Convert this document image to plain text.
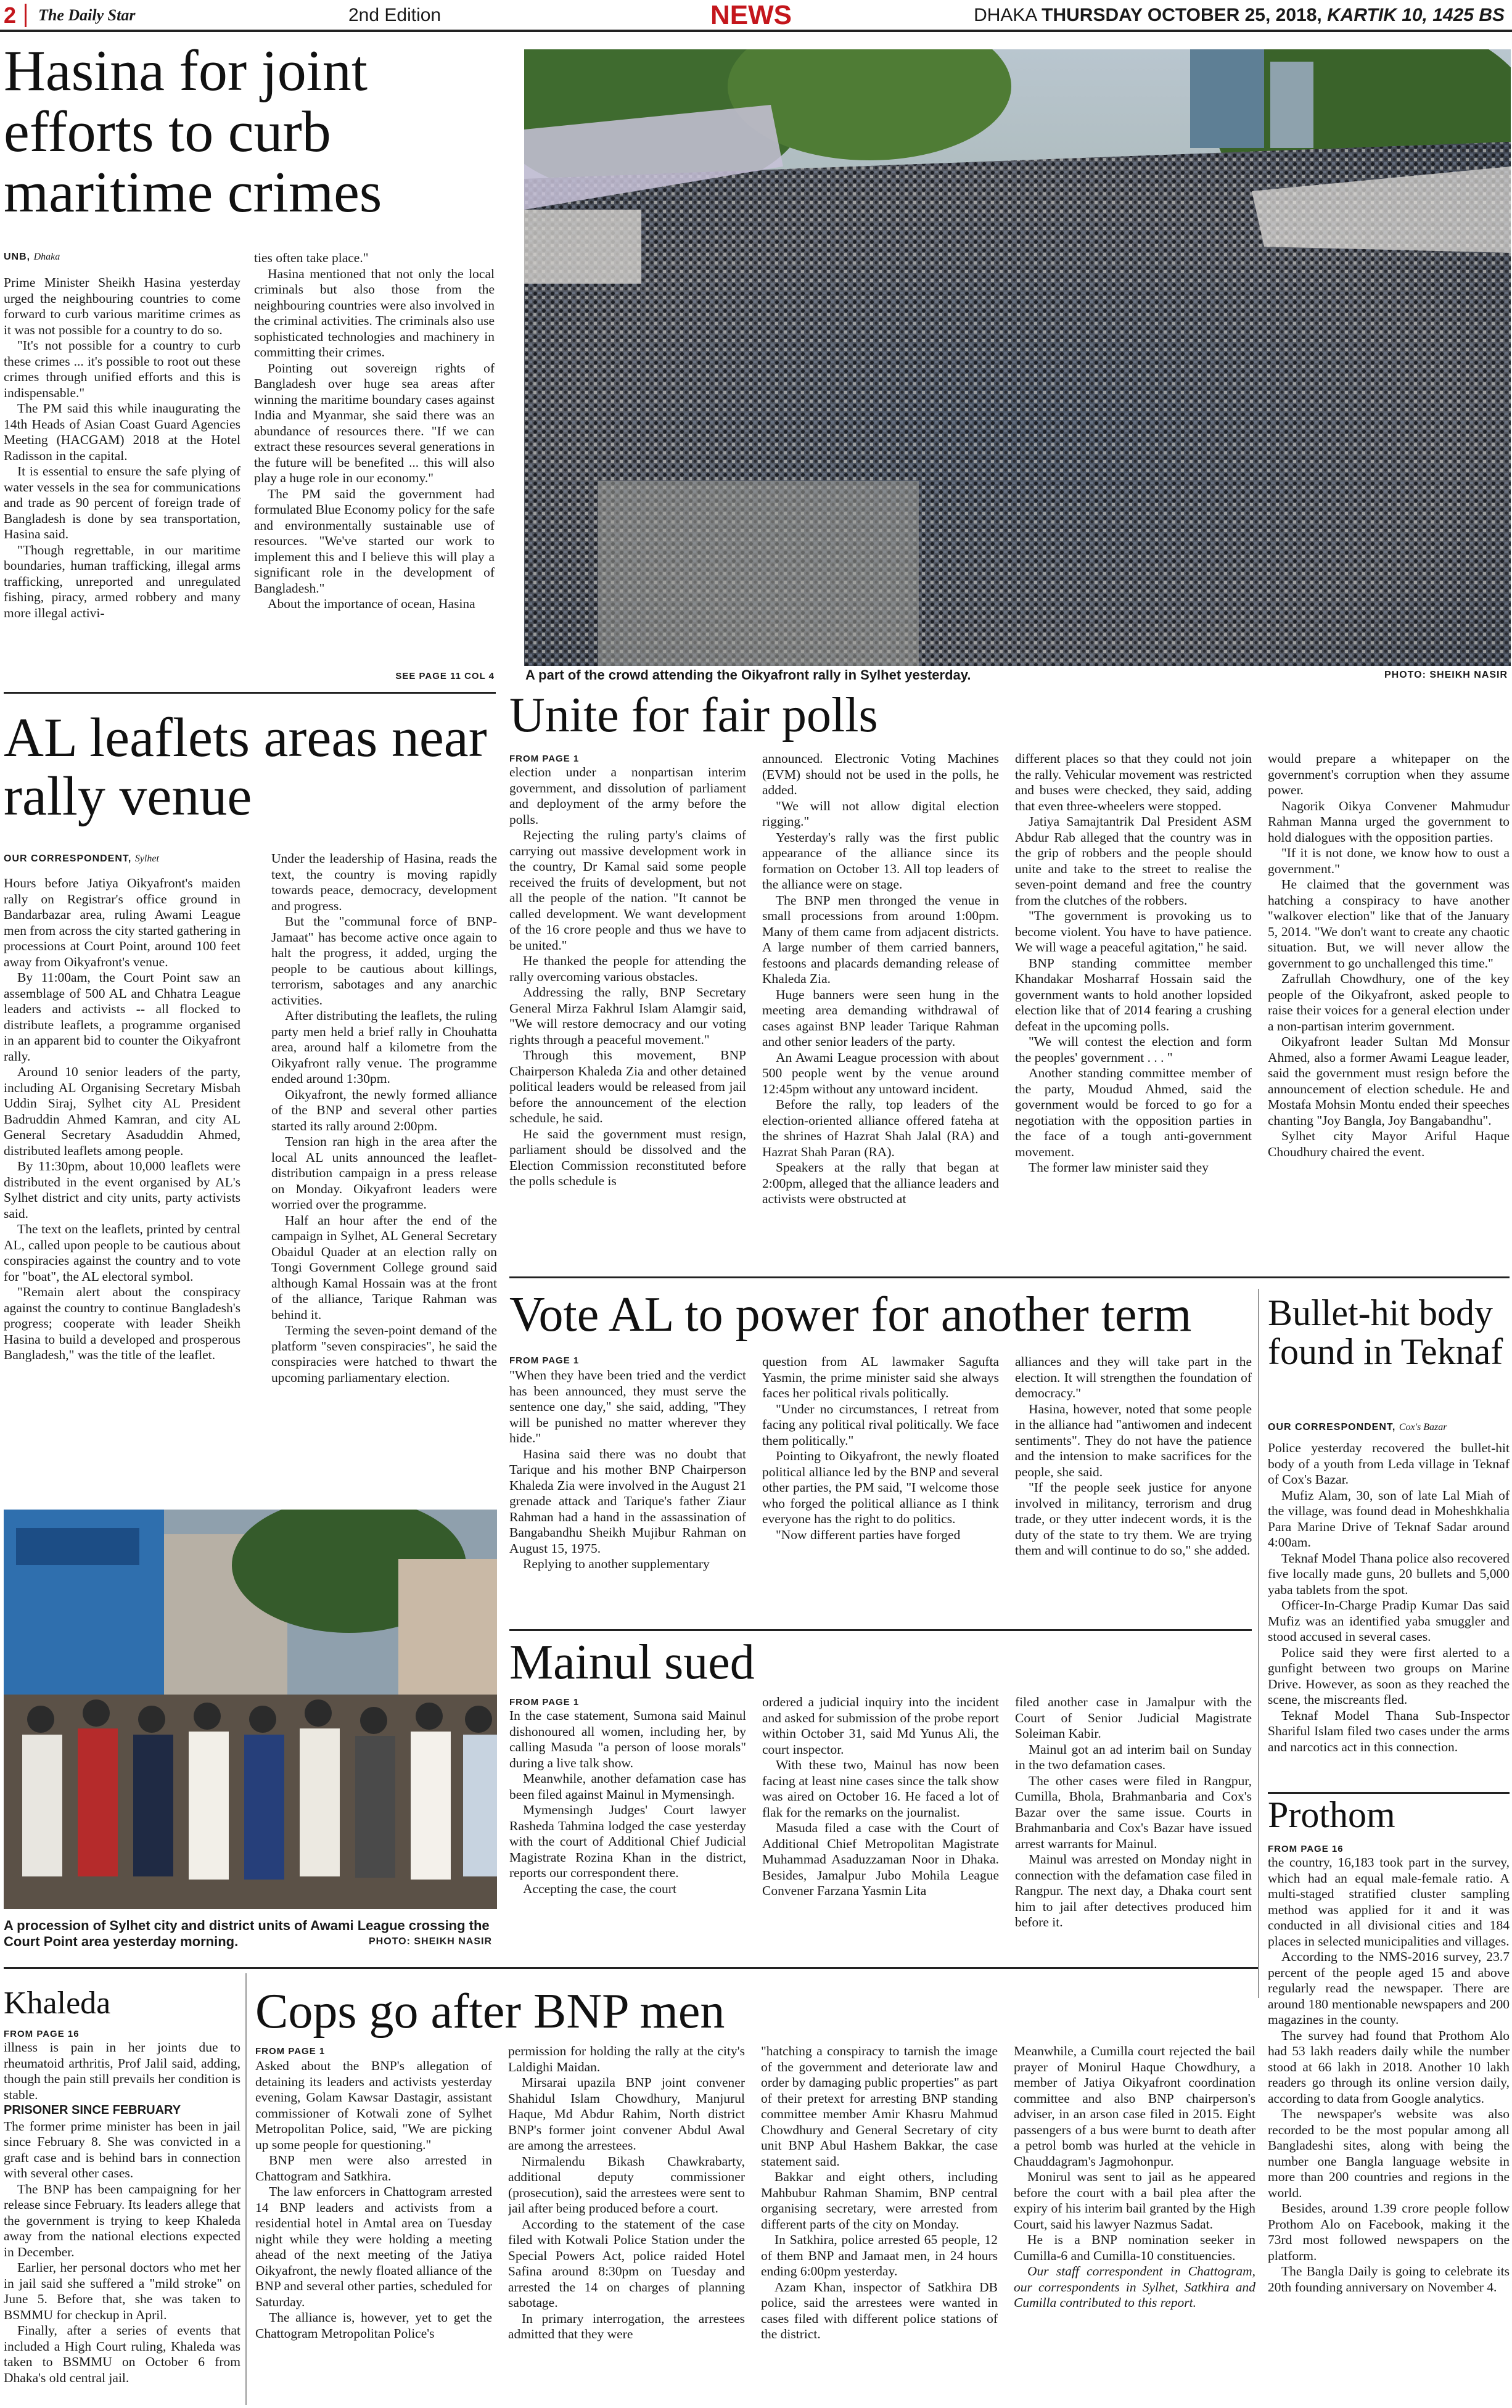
2 The Daily Star	2nd Edition	NEWS	DHAKA THURSDAY OCTOBER 25, 2018, KARTIK 10, 1425 BS
Hasina for joint efforts to curb maritime crimes
UNB, Dhaka

Prime Minister Sheikh Hasina yesterday urged the neighbouring countries to come forward to curb various maritime crimes as it was not possible for a country to do so.

"It's not possible for a country to curb these crimes ... it's possible to root out these crimes through unified efforts and this is indispensable."

The PM said this while inaugurating the 14th Heads of Asian Coast Guard Agencies Meeting (HACGAM) 2018 at the Hotel Radisson in the capital.

It is essential to ensure the safe plying of water vessels in the sea for communications and trade as 90 percent of foreign trade of Bangladesh is done by sea transportation, Hasina said.

"Though regrettable, in our maritime boundaries, human trafficking, illegal arms trafficking, unreported and unregulated fishing, piracy, armed robbery and many more illegal activi-

ties often take place."

Hasina mentioned that not only the local criminals but also those from the neighbouring countries were also involved in the criminal activities. The criminals also use sophisticated technologies and machinery in committing their crimes.

Pointing out sovereign rights of Bangladesh over huge sea areas after winning the maritime boundary cases against India and Myanmar, she said there was an abundance of resources there. "If we can extract these resources several generations in the future will be benefited ... this will also play a huge role in our economy."

The PM said the government had formulated Blue Economy policy for the safe and environmentally sustainable use of resources. "We've started our work to implement this and I believe this will play a significant role in the development of Bangladesh."

About the importance of ocean, Hasina

SEE PAGE 11 COL 4 A part of the crowd attending the Oikyafront rally in Sylhet yesterday.	PHOTO: SHEIKH NASIR
AL leaflets areas near rally venue
OUR CORRESPONDENT, Sylhet

Hours before Jatiya Oikyafront's maiden rally on Registrar's office ground in Bandarbazar area, ruling Awami League men from across the city started gathering in processions at Court Point, around 100 feet away from Oikyafront's venue.

By 11:00am, the Court Point saw an assemblage of 500 AL and Chhatra League leaders and activists -- all flocked to distribute leaflets, a programme organised in an apparent bid to counter the Oikyafront rally.

Around 10 senior leaders of the party, including AL Organising Secretary Misbah Uddin Siraj, Sylhet city AL President Badruddin Ahmed Kamran, and city AL General Secretary Asaduddin Ahmed, distributed leaflets among people.

By 11:30pm, about 10,000 leaflets were distributed in the event organised by AL's Sylhet district and city units, party activists said.

The text on the leaflets, printed by central AL, called upon people to be cautious about conspiracies against the country and to vote for "boat", the AL electoral symbol.

"Remain alert about the conspiracy against the country to continue Bangladesh's progress; cooperate with leader Sheikh Hasina to build a developed and prosperous Bangladesh," was the title of the leaflet.

Under the leadership of Hasina, reads the text, the country is moving rapidly towards peace, democracy, development and progress.

But the "communal force of BNP-Jamaat" has become active once again to halt the progress, it added, urging the people to be cautious about killings, terrorism, sabotages and any anarchic activities.

After distributing the leaflets, the ruling party men held a brief rally in Chouhatta area, around half a kilometre from the Oikyafront rally venue. The programme ended around 1:30pm.

Oikyafront, the newly formed alliance of the BNP and several other parties started its rally around 2:00pm.

Tension ran high in the area after the local AL units announced the leaflet-distribution campaign in a press release on Monday. Oikyafront leaders were worried over the programme.

Half an hour after the end of the campaign in Sylhet, AL General Secretary Obaidul Quader at an election rally on Tongi Government College ground said although Kamal Hossain was at the front of the alliance, Tarique Rahman was behind it.

Terming the seven-point demand of the platform "seven conspiracies", he said the conspiracies were hatched to thwart the upcoming parliamentary election.

A procession of Sylhet city and district units of Awami League crossing the Court Point area yesterday morning.	PHOTO: SHEIKH NASIR
Unite for fair polls
FROM PAGE 1

election under a nonpartisan interim government, and dissolution of parliament and deployment of the army before the polls.

Rejecting the ruling party's claims of carrying out massive development work in the country, Dr Kamal said some people received the fruits of development, but not all the people of the nation. "It cannot be called development. We want development of the 16 crore people and thus we have to be united."

He thanked the people for attending the rally overcoming various obstacles.

Addressing the rally, BNP Secretary General Mirza Fakhrul Islam Alamgir said, "We will restore democracy and our voting rights through a peaceful movement."

Through this movement, BNP Chairperson Khaleda Zia and other detained political leaders would be released from jail before the announcement of the election schedule, he said.

He said the government must resign, parliament should be dissolved and the Election Commission reconstituted before the polls schedule is

announced. Electronic Voting Machines (EVM) should not be used in the polls, he added.

"We will not allow digital election rigging."

Yesterday's rally was the first public appearance of the alliance since its formation on October 13. All top leaders of the alliance were on stage.

The BNP men thronged the venue in small processions from around 1:00pm. Many of them came from adjacent districts. A large number of them carried banners, festoons and placards demanding release of Khaleda Zia.

Huge banners were seen hung in the meeting area demanding withdrawal of cases against BNP leader Tarique Rahman and other senior leaders of the party.

An Awami League procession with about 500 people went by the venue around 12:45pm without any untoward incident.

Before the rally, top leaders of the election-oriented alliance offered fateha at the shrines of Hazrat Shah Jalal (RA) and Hazrat Shah Paran (RA).

Speakers at the rally that began at 2:00pm, alleged that the alliance leaders and activists were obstructed at

different places so that they could not join the rally. Vehicular movement was restricted and buses were checked, they said, adding that even three-wheelers were stopped.

Jatiya Samajtantrik Dal President ASM Abdur Rab alleged that the country was in the grip of robbers and the people should unite and take to the street to realise the seven-point demand and free the country from the clutches of the robbers.

"The government is provoking us to become violent. You have to have patience. We will wage a peaceful agitation," he said.

BNP standing committee member Khandakar Mosharraf Hossain said the government wants to hold another lopsided election like that of 2014 fearing a crushing defeat in the upcoming polls.

"We will contest the election and form the peoples' government . . . "

Another standing committee member of the party, Moudud Ahmed, said the government would be forced to go for a negotiation with the opposition parties in the face of a tough anti-government movement.

The former law minister said they

would prepare a whitepaper on the government's corruption when they assume power.

Nagorik Oikya Convener Mahmudur Rahman Manna urged the government to hold dialogues with the opposition parties.

"If it is not done, we know how to oust a government."

He claimed that the government was hatching a conspiracy to have another "walkover election" like that of the January 5, 2014. "We don't want to create any chaotic situation. But, we will never allow the government to go unchallenged this time."

Zafrullah Chowdhury, one of the key people of the Oikyafront, asked people to raise their voices for a general election under a non-partisan interim government.

Oikyafront leader Sultan Md Monsur Ahmed, also a former Awami League leader, said the government must resign before the announcement of election schedule. He and Mostafa Mohsin Montu ended their speeches chanting "Joy Bangla, Joy Bangabandhu".

Sylhet city Mayor Ariful Haque Choudhury chaired the event.

Vote AL to power for another term
FROM PAGE 1

"When they have been tried and the verdict has been announced, they must serve the sentence one day," she said, adding, "They will be punished no matter wherever they hide."

Hasina said there was no doubt that Tarique and his mother BNP Chairperson Khaleda Zia were involved in the August 21 grenade attack and Tarique's father Ziaur Rahman had a hand in the assassination of Bangabandhu Sheikh Mujibur Rahman on August 15, 1975.

Replying to another supplementary

question from AL lawmaker Sagufta Yasmin, the prime minister said she always faces her political rivals politically.

"Under no circumstances, I retreat from facing any political rival politically. We face them politically."

Pointing to Oikyafront, the newly floated political alliance led by the BNP and several other parties, the PM said, "I welcome those who forged the political alliance as I think everyone has the right to do politics.

"Now different parties have forged

alliances and they will take part in the election. It will strengthen the foundation of democracy."

Hasina, however, noted that some people in the alliance had "antiwomen and indecent sentiments". They do not have the patience and the intension to make sacrifices for the people, she said.

"If the people seek justice for anyone involved in militancy, terrorism and drug trade, or they utter indecent words, it is the duty of the state to try them. We are trying them and will continue to do so," she added.

Bullet-hit body found in Teknaf
OUR CORRESPONDENT, Cox's Bazar

Police yesterday recovered the bullet-hit body of a youth from Leda village in Teknaf of Cox's Bazar.

Mufiz Alam, 30, son of late Lal Miah of the village, was found dead in Moheshkhalia Para Marine Drive of Teknaf Sadar around 4:00am.

Teknaf Model Thana police also recovered five locally made guns, 20 bullets and 5,000 yaba tablets from the spot.

Officer-In-Charge Pradip Kumar Das said Mufiz was an identified yaba smuggler and stood accused in several cases.

Police said they were first alerted to a gunfight between two groups on Marine Drive. However, as soon as they reached the scene, the miscreants fled.

Teknaf Model Thana Sub-Inspector Shariful Islam filed two cases under the arms and narcotics act in this connection.

Mainul sued
FROM PAGE 1

In the case statement, Sumona said Mainul dishonoured all women, including her, by calling Masuda "a person of loose morals" during a live talk show.

Meanwhile, another defamation case has been filed against Mainul in Mymensingh.

Mymensingh Judges' Court lawyer Rasheda Tahmina lodged the case yesterday with the court of Additional Chief Judicial Magistrate Rozina Khan in the district, reports our correspondent there.

Accepting the case, the court

ordered a judicial inquiry into the incident and asked for submission of the probe report within October 31, said Md Yunus Ali, the court inspector.

With these two, Mainul has now been facing at least nine cases since the talk show was aired on October 16. He faced a lot of flak for the remarks on the journalist.

Masuda filed a case with the Court of Additional Chief Metropolitan Magistrate Muhammad Asaduzzaman Noor in Dhaka. Besides, Jamalpur Jubo Mohila League Convener Farzana Yasmin Lita

filed another case in Jamalpur with the Court of Senior Judicial Magistrate Soleiman Kabir.

Mainul got an ad interim bail on Sunday in the two defamation cases.

The other cases were filed in Rangpur, Cumilla, Bhola, Brahmanbaria and Cox's Bazar over the same issue. Courts in Brahmanbaria and Cox's Bazar have issued arrest warrants for Mainul.

Mainul was arrested on Monday night in connection with the defamation case filed in Rangpur. The next day, a Dhaka court sent him to jail after detectives produced him before it.

Prothom
FROM PAGE 16

the country, 16,183 took part in the survey, which had an equal male-female ratio. A multi-staged stratified cluster sampling method was applied for it and it was conducted in all divisional cities and 184 places in selected municipalities and villages.

According to the NMS-2016 survey, 23.7 percent of the people aged 15 and above regularly read the newspaper. There are around 180 mentionable newspapers and 200 magazines in the county.

The survey had found that Prothom Alo had 53 lakh readers daily while the number stood at 66 lakh in 2018. Another 10 lakh readers go through its online version daily, according to data from Google analytics.

The newspaper's website was also recorded to be the most popular among all Bangladeshi sites, along with being the number one Bangla language website in more than 200 countries and regions in the world.

Besides, around 1.39 crore people follow Prothom Alo on Facebook, making it the 73rd most followed newspapers on the platform.

The Bangla Daily is going to celebrate its 20th founding anniversary on November 4.

Khaleda
FROM PAGE 16

illness is pain in her joints due to rheumatoid arthritis, Prof Jalil said, adding, though the pain still prevails her condition is stable.

PRISONER SINCE FEBRUARY

The former prime minister has been in jail since February 8. She was convicted in a graft case and is behind bars in connection with several other cases.

The BNP has been campaigning for her release since February. Its leaders allege that the government is trying to keep Khaleda away from the national elections expected in December.

Earlier, her personal doctors who met her in jail said she suffered a "mild stroke" on June 5. Before that, she was taken to BSMMU for checkup in April.

Finally, after a series of events that included a High Court ruling, Khaleda was taken to BSMMU on October 6 from Dhaka's old central jail.

Cops go after BNP men
FROM PAGE 1

Asked about the BNP's allegation of detaining its leaders and activists yesterday evening, Golam Kawsar Dastagir, assistant commissioner of Kotwali zone of Sylhet Metropolitan Police, said, "We are picking up some people for questioning."

BNP men were also arrested in Chattogram and Satkhira.

The law enforcers in Chattogram arrested 14 BNP leaders and activists from a residential hotel in Amtal area on Tuesday night while they were holding a meeting ahead of the next meeting of the Jatiya Oikyafront, the newly floated alliance of the BNP and several other parties, scheduled for Saturday.

The alliance is, however, yet to get the Chattogram Metropolitan Police's

permission for holding the rally at the city's Laldighi Maidan.

Mirsarai upazila BNP joint convener Shahidul Islam Chowdhury, Manjurul Haque, Md Abdur Rahim, North district BNP's former joint convener Abdul Awal are among the arrestees.

Nirmalendu Bikash Chawkrabarty, additional deputy commissioner (prosecution), said the arrestees were sent to jail after being produced before a court.

According to the statement of the case filed with Kotwali Police Station under the Special Powers Act, police raided Hotel Safina around 8:30pm on Tuesday and arrested the 14 on charges of planning sabotage.

In primary interrogation, the arrestees admitted that they were

"hatching a conspiracy to tarnish the image of the government and deteriorate law and order by damaging public properties" as part of their pretext for arresting BNP standing committee member Amir Khasru Mahmud Chowdhury and General Secretary of city unit BNP Abul Hashem Bakkar, the case statement said.

Bakkar and eight others, including Mahbubur Rahman Shamim, BNP central organising secretary, were arrested from different parts of the city on Monday.

In Satkhira, police arrested 65 people, 12 of them BNP and Jamaat men, in 24 hours ending 6:00pm yesterday.

Azam Khan, inspector of Satkhira DB police, said the arrestees were wanted in cases filed with different police stations of the district.

Meanwhile, a Cumilla court rejected the bail prayer of Monirul Haque Chowdhury, a member of Jatiya Oikyafront coordination committee and also BNP chairperson's adviser, in an arson case filed in 2015. Eight passengers of a bus were burnt to death after a petrol bomb was hurled at the vehicle in Chauddagram's Jagmohonpur.

Monirul was sent to jail as he appeared before the court with a bail plea after the expiry of his interim bail granted by the High Court, said his lawyer Nazmus Sadat.

He is a BNP nomination seeker in Cumilla-6 and Cumilla-10 constituencies.

Our staff correspondent in Chattogram, our correspondents in Sylhet, Satkhira and Cumilla contributed to this report.
